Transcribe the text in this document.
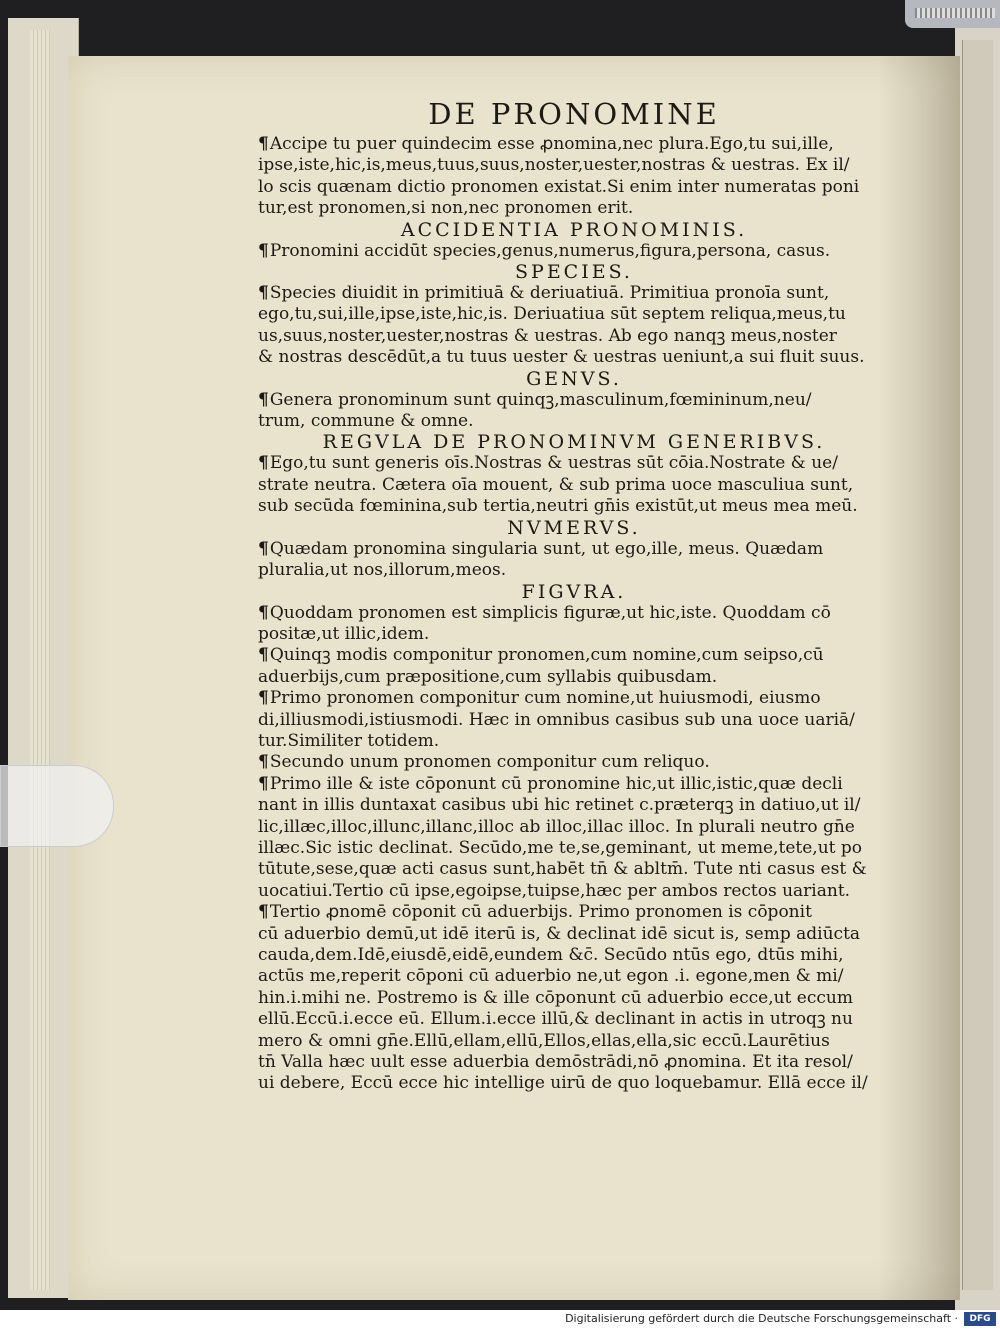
DE PRONOMINE

¶Accipe tu puer quindecim esse ꝓnomina,nec plura.Ego,tu sui,ille,
ipse,iste,hic,is,meus,tuus,suus,noster,uester,nostras & uestras. Ex il/
lo scis quænam dictio pronomen existat.Si enim inter numeratas poni
tur,est pronomen,si non,nec pronomen erit.

ACCIDENTIA PRONOMINIS.

¶Pronomini accidūt species,genus,numerus,figura,persona, casus.

SPECIES.

¶Species diuidit in primitiuā & deriuatiuā. Primitiua pronoīa sunt,
ego,tu,sui,ille,ipse,iste,hic,is. Deriuatiua sūt septem reliqua,meus,tu
us,suus,noster,uester,nostras & uestras. Ab ego nanqꝫ meus,noster
& nostras descēdūt,a tu tuus uester & uestras ueniunt,a sui fluit suus.

GENVS.

¶Genera pronominum sunt quinqꝫ,masculinum,fœmininum,neu/
trum, commune & omne.

REGVLA DE PRONOMINVM GENERIBVS.

¶Ego,tu sunt generis oīs.Nostras & uestras sūt cōia.Nostrate & ue/
strate neutra. Cætera oīa mouent, & sub prima uoce masculiua sunt,
sub secūda fœminina,sub tertia,neutri gn̄is existūt,ut meus mea meū.

NVMERVS.

¶Quædam pronomina singularia sunt, ut ego,ille, meus. Quædam
pluralia,ut nos,illorum,meos.

FIGVRA.

¶Quoddam pronomen est simplicis figuræ,ut hic,iste. Quoddam cō
positæ,ut illic,idem.

¶Quinqꝫ modis componitur pronomen,cum nomine,cum seipso,cū
aduerbijs,cum præpositione,cum syllabis quibusdam.

¶Primo pronomen componitur cum nomine,ut huiusmodi, eiusmo
di,illiusmodi,istiusmodi. Hæc in omnibus casibus sub una uoce uariā/
tur.Similiter totidem.

¶Secundo unum pronomen componitur cum reliquo.

¶Primo ille & iste cōponunt cū pronomine hic,ut illic,istic,quæ decli
nant in illis duntaxat casibus ubi hic retinet c.præterqꝫ in datiuo,ut il/
lic,illæc,illoc,illunc,illanc,illoc ab illoc,illac illoc. In plurali neutro gn̄e
illæc.Sic istic declinat. Secūdo,me te,se,geminant, ut meme,tete,ut po
tūtute,sese,quæ acti casus sunt,habēt tn̄ & abltm̄. Tute nti casus est &
uocatiui.Tertio cū ipse,egoipse,tuipse,hæc per ambos rectos uariant.

¶Tertio ꝓnomē cōponit cū aduerbijs. Primo pronomen is cōponit
cū aduerbio demū,ut idē iterū is, & declinat idē sicut is, semp adiūcta
cauda,dem.Idē,eiusdē,eidē,eundem &c̄. Secūdo ntūs ego, dtūs mihi,
actūs me,reperit cōponi cū aduerbio ne,ut egon .i. egone,men & mi/
hin.i.mihi ne. Postremo is & ille cōponunt cū aduerbio ecce,ut eccum
ellū.Eccū.i.ecce eū. Ellum.i.ecce illū,& declinant in actis in utroqꝫ nu
mero & omni gn̄e.Ellū,ellam,ellū,Ellos,ellas,ella,sic eccū.Laurētius
tn̄ Valla hæc uult esse aduerbia demōstrādi,nō ꝓnomina. Et ita resol/
ui debere, Eccū ecce hic intellige uirū de quo loquebamur. Ellā ecce il/

Digitalisierung gefördert durch die Deutsche Forschungsgemeinschaft ·	DFG
